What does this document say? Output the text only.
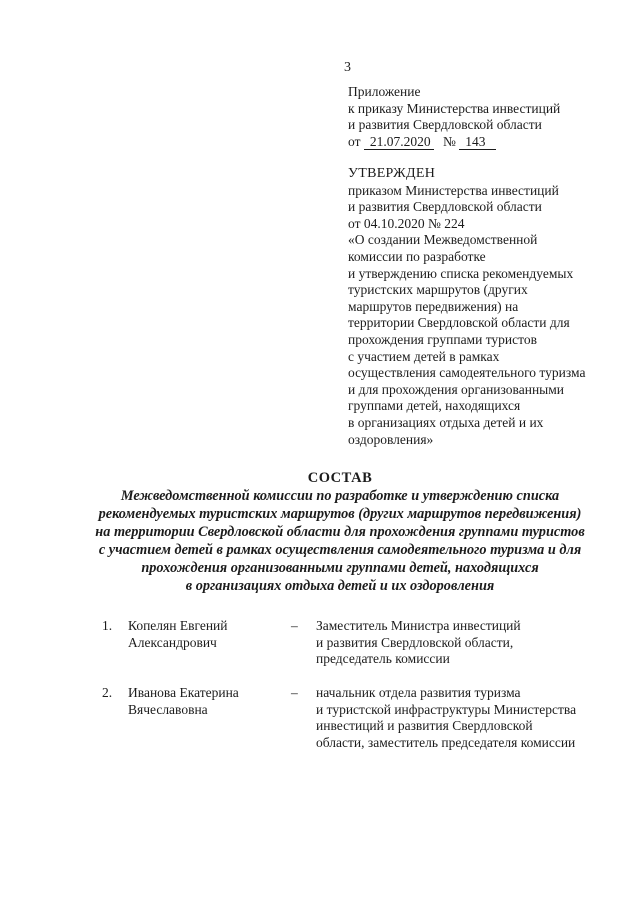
3
Приложение
к приказу Министерства инвестиций
и развития Свердловской области
от 21.07.2020 № 143
УТВЕРЖДЕН
приказом Министерства инвестиций
и развития Свердловской области
от 04.10.2020 № 224
«О создании Межведомственной
комиссии по разработке
и утверждению списка рекомендуемых
туристских маршрутов (других
маршрутов передвижения) на
территории Свердловской области для
прохождения группами туристов
с участием детей в рамках
осуществления самодеятельного туризма
и для прохождения организованными
группами детей, находящихся
в организациях отдыха детей и их
оздоровления»
СОСТАВ
Межведомственной комиссии по разработке и утверждению списка
рекомендуемых туристских маршрутов (других маршрутов передвижения)
на территории Свердловской области для прохождения группами туристов
с участием детей в рамках осуществления самодеятельного туризма и для
прохождения организованными группами детей, находящихся
в организациях отдыха детей и их оздоровления
1. Копелян Евгений
Александрович
– Заместитель Министра инвестиций
и развития Свердловской области,
председатель комиссии
2. Иванова Екатерина
Вячеславовна
– начальник отдела развития туризма
и туристской инфраструктуры Министерства
инвестиций и развития Свердловской
области, заместитель председателя комиссии
